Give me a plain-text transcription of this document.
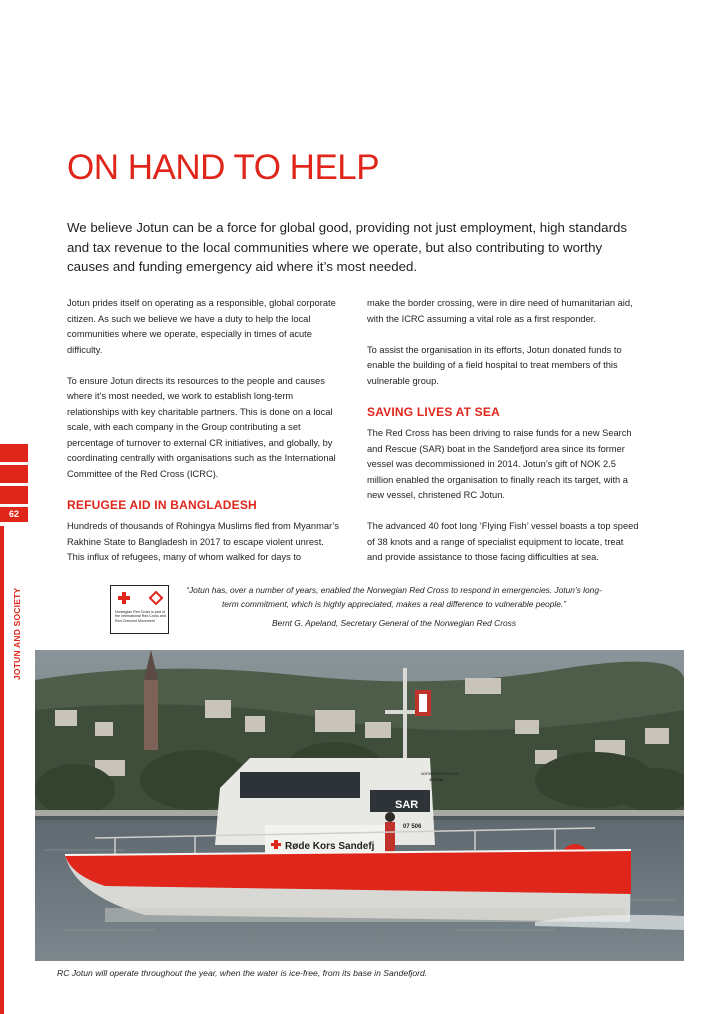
62
JOTUN AND SOCIETY
ON HAND TO HELP

We believe Jotun can be a force for global good, providing not just employment, high standards and tax revenue to the local communities where we operate, but also contributing to worthy causes and funding emergency aid where it’s most needed.

Jotun prides itself on operating as a responsible, global corporate citizen. As such we believe we have a duty to help the local communities where we operate, especially in times of acute difficulty.

To ensure Jotun directs its resources to the people and causes where it’s most needed, we work to establish long-term relationships with key charitable partners. This is done on a local scale, with each company in the Group contributing a set percentage of turnover to external CR initiatives, and globally, by coordinating centrally with organisations such as the International Committee of the Red Cross (ICRC).

REFUGEE AID IN BANGLADESH

Hundreds of thousands of Rohingya Muslims fled from Myanmar’s Rakhine State to Bangladesh in 2017 to escape violent unrest. This influx of refugees, many of whom walked for days to

make the border crossing, were in dire need of humanitarian aid, with the ICRC assuming a vital role as a first responder.

To assist the organisation in its efforts, Jotun donated funds to enable the building of a field hospital to treat members of this vulnerable group.

SAVING LIVES AT SEA

The Red Cross has been driving to raise funds for a new Search and Rescue (SAR) boat in the Sandefjord area since its former vessel was decommissioned in 2014. Jotun’s gift of NOK 2.5 million enabled the organisation to finally reach its target, with a new vessel, christened RC Jotun.

The advanced 40 foot long ‘Flying Fish’ vessel boasts a top speed of 38 knots and a range of specialist equipment to locate, treat and provide assistance to those facing difficulties at sea.

Norwegian Red Cross is part of the International Red Cross and Red Crescent Movement

“Jotun has, over a number of years, enabled the Norwegian Red Cross to respond in emergencies. Jotun’s long-term commitment, which is highly appreciated, makes a real difference to vulnerable people.”

Bernt G. Apeland, Secretary General of the Norwegian Red Cross

SAR
07 506
Røde Kors Sandefj
NORWEGIAN SEA SAR
JOTUN

RC Jotun will operate throughout the year, when the water is ice-free, from its base in Sandefjord.
